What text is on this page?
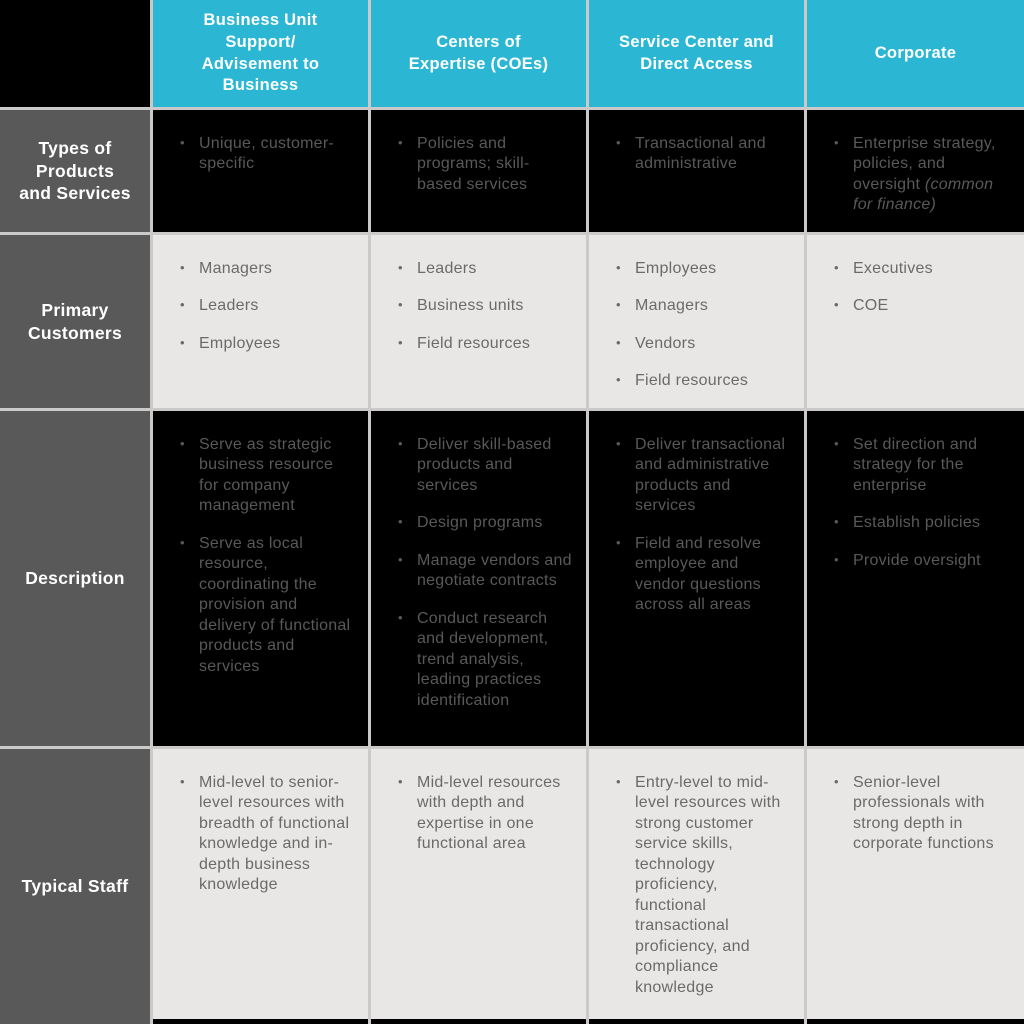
Business Unit Support/ Advisement to Business
Centers of Expertise (COEs)
Service Center and Direct Access
Corporate
Types of Products and Services
• Unique, customer-specific
• Policies and programs; skill-based services
• Transactional and administrative
• Enterprise strategy, policies, and oversight (common for finance)
Primary Customers
• Managers
• Leaders
• Employees
• Leaders
• Business units
• Field resources
• Employees
• Managers
• Vendors
• Field resources
• Executives
• COE
Description
• Serve as strategic business resource for company management
• Serve as local resource, coordinating the provision and delivery of functional products and services
• Deliver skill-based products and services
• Design programs
• Manage vendors and negotiate contracts
• Conduct research and development, trend analysis, leading practices identification
• Deliver transactional and administrative products and services
• Field and resolve employee and vendor questions across all areas
• Set direction and strategy for the enterprise
• Establish policies
• Provide oversight
Typical Staff
• Mid-level to senior-level resources with breadth of functional knowledge and in-depth business knowledge
• Mid-level resources with depth and expertise in one functional area
• Entry-level to mid-level resources with strong customer service skills, technology proficiency, functional transactional proficiency, and compliance knowledge
• Senior-level professionals with strong depth in corporate functions
